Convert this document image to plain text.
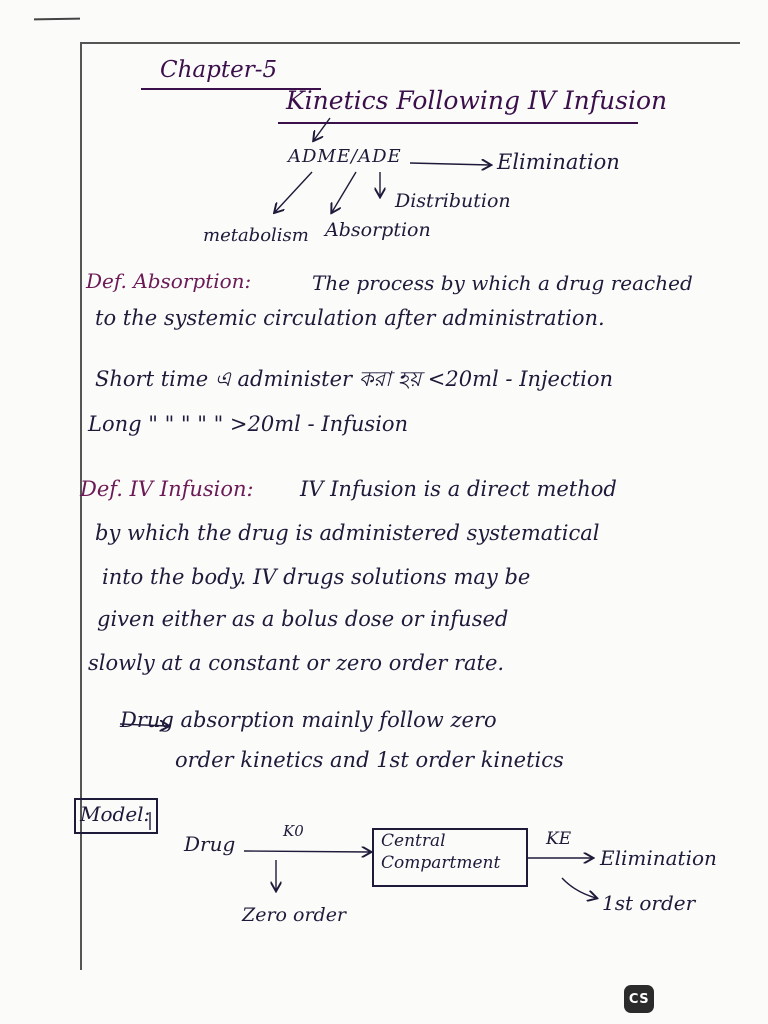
Chapter-5
Kinetics Following IV Infusion
ADME/ADE	Elimination
Distribution
metabolism Absorption
Def. Absorption:	The process by which a drug reached
to the systemic circulation after administration.
Short time এ administer করা হয় <20ml - Injection
Long " " " " " >20ml - Infusion
Def. IV Infusion: IV Infusion is a direct method
by which the drug is administered systematical
into the body. IV drugs solutions may be
given either as a bolus dose or infused
slowly at a constant or zero order rate.
Drug absorption mainly follow zero
order kinetics and 1st order kinetics
Model:
Drug
K0	Central
Compartment
KE
Elimination
1st order
Zero order
CS
